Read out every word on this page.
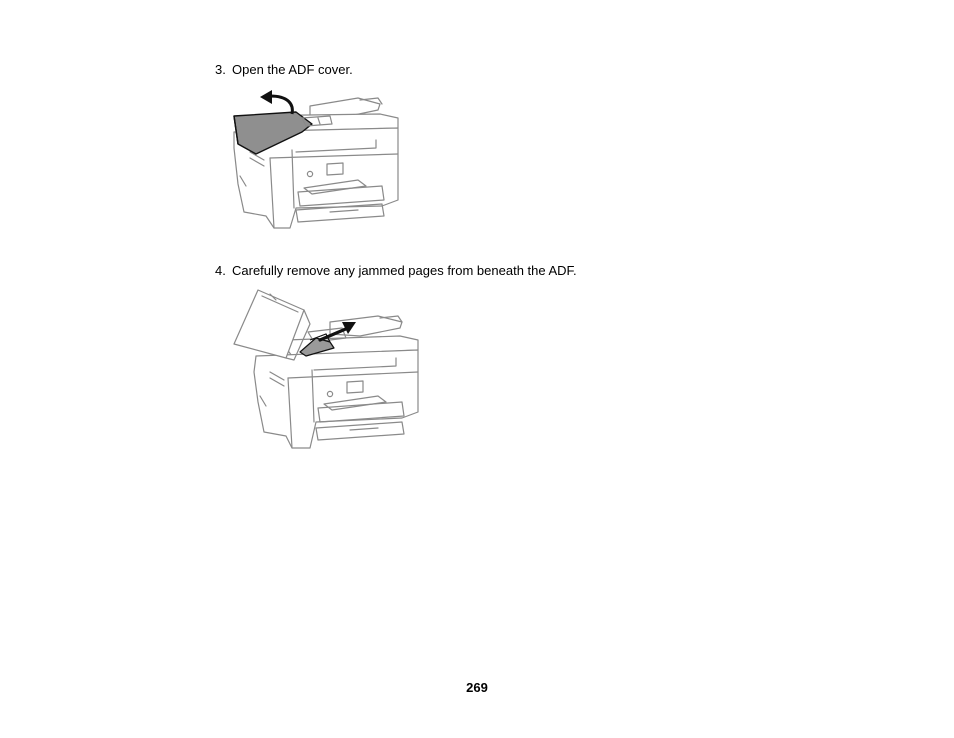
3. Open the ADF cover.
4. Carefully remove any jammed pages from beneath the ADF.
269
